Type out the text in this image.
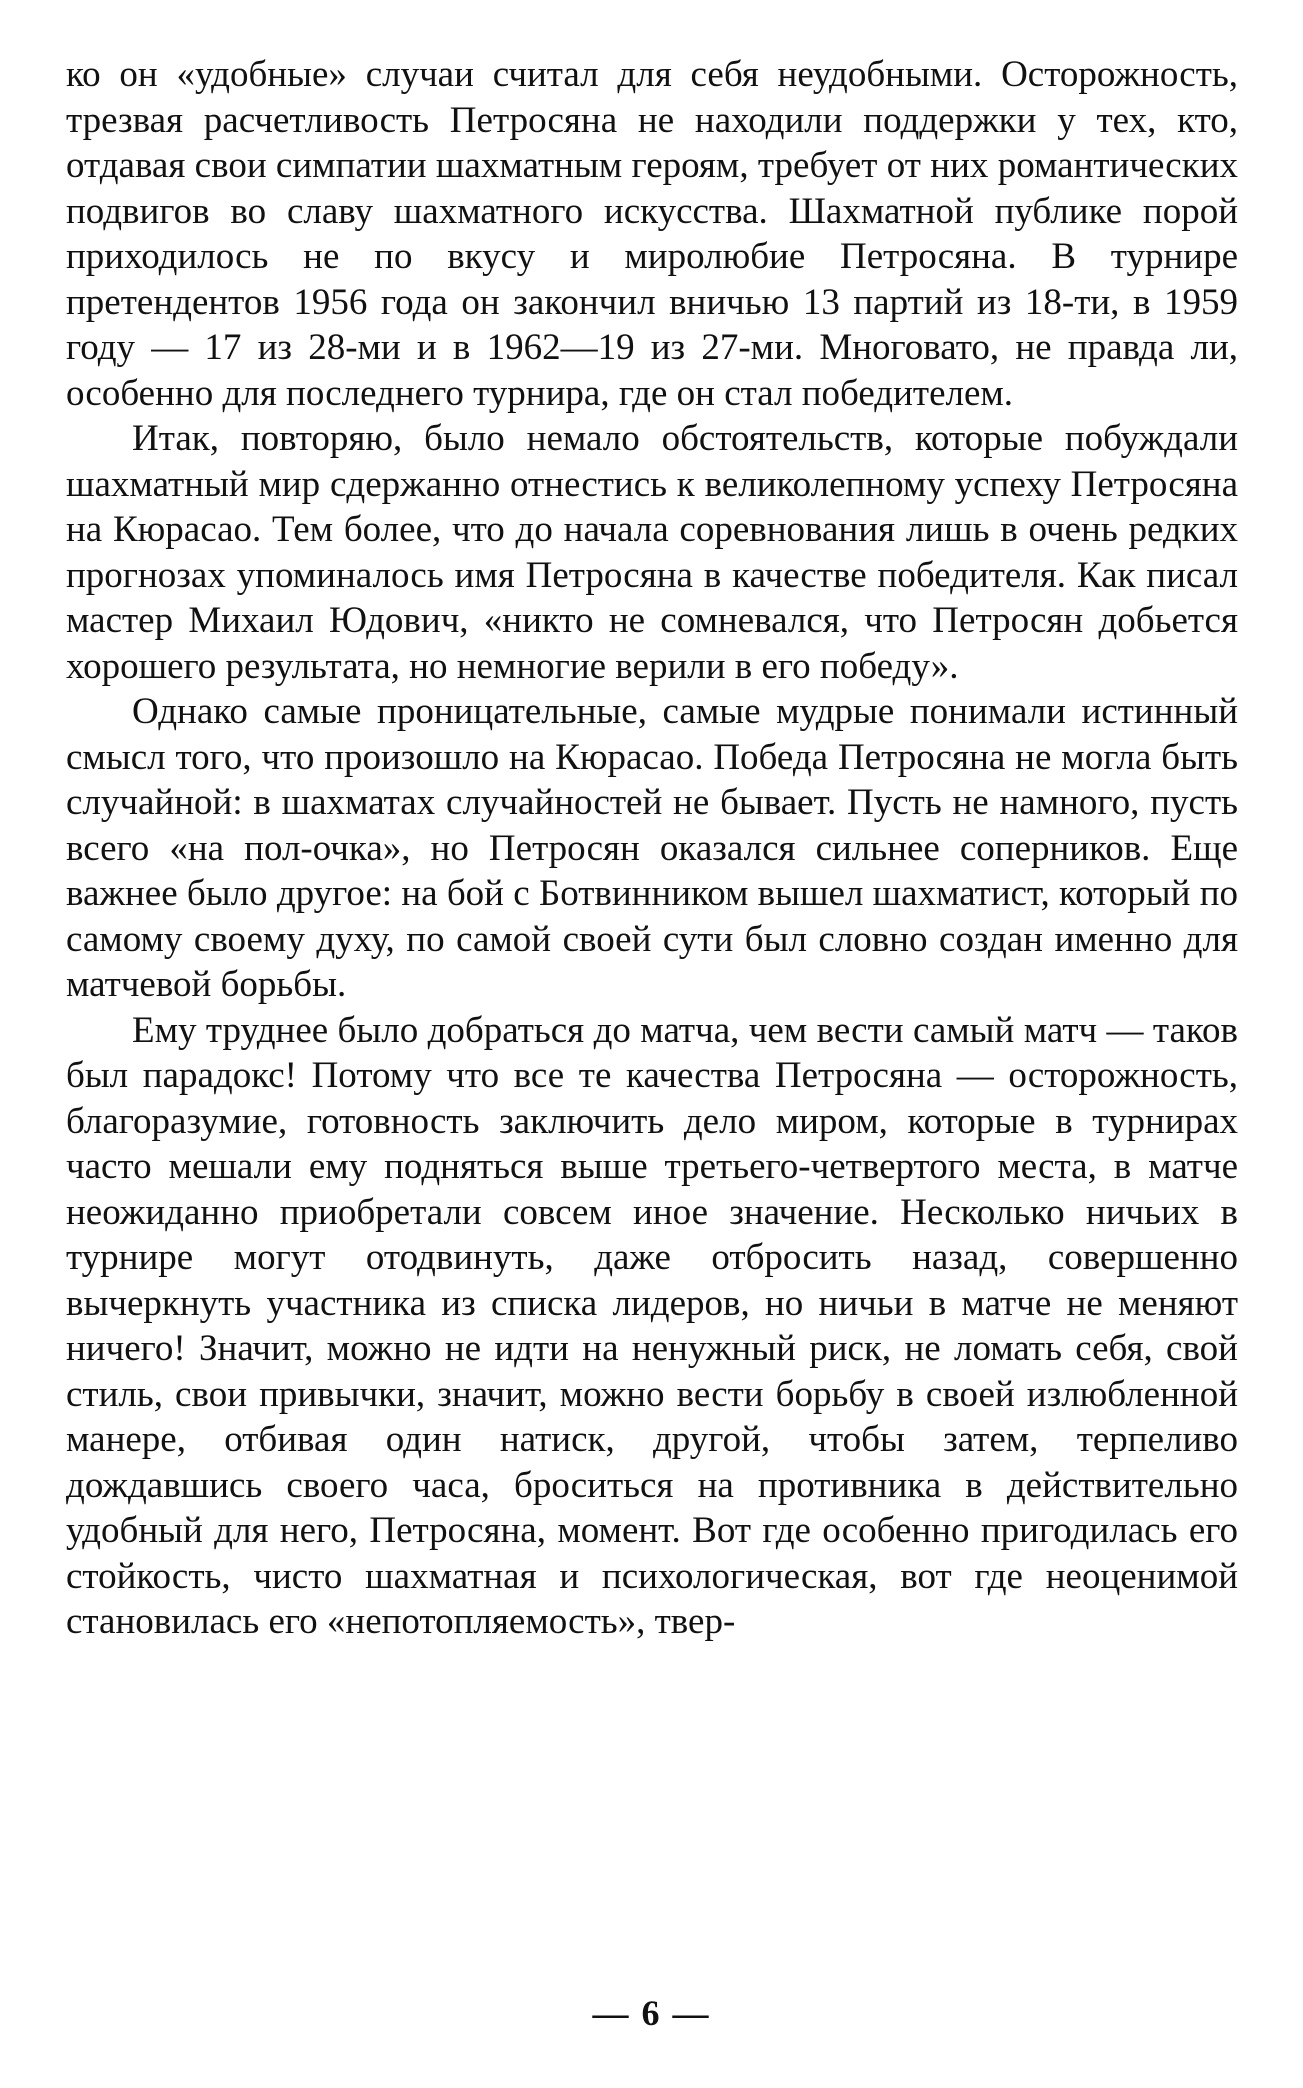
ко он «удобные» случаи считал для себя неудобными. Осторожность, трезвая расчетливость Петросяна не находили поддержки у тех, кто, отдавая свои симпатии шахматным героям, требует от них романтических подвигов во славу шахматного искусства. Шахматной публике порой приходилось не по вкусу и миролюбие Петросяна. В турнире претендентов 1956 года он закончил вничью 13 партий из 18-ти, в 1959 году — 17 из 28-ми и в 1962—19 из 27-ми. Многовато, не правда ли, особенно для последнего турнира, где он стал победителем.

Итак, повторяю, было немало обстоятельств, которые побуждали шахматный мир сдержанно отнестись к великолепному успеху Петросяна на Кюрасао. Тем более, что до начала соревнования лишь в очень редких прогнозах упоминалось имя Петросяна в качестве победителя. Как писал мастер Михаил Юдович, «никто не сомневался, что Петросян добьется хорошего результата, но немногие верили в его победу».

Однако самые проницательные, самые мудрые понимали истинный смысл того, что произошло на Кюрасао. Победа Петросяна не могла быть случайной: в шахматах случайностей не бывает. Пусть не намного, пусть всего «на пол-очка», но Петросян оказался сильнее соперников. Еще важнее было другое: на бой с Ботвинником вышел шахматист, который по самому своему духу, по самой своей сути был словно создан именно для матчевой борьбы.

Ему труднее было добраться до матча, чем вести самый матч — таков был парадокс! Потому что все те качества Петросяна — осторожность, благоразумие, готовность заключить дело миром, которые в турнирах часто мешали ему подняться выше третьего-четвертого места, в матче неожиданно приобретали совсем иное значение. Несколько ничьих в турнире могут отодвинуть, даже отбросить назад, совершенно вычеркнуть участника из списка лидеров, но ничьи в матче не меняют ничего! Значит, можно не идти на ненужный риск, не ломать себя, свой стиль, свои привычки, значит, можно вести борьбу в своей излюбленной манере, отбивая один натиск, другой, чтобы затем, терпеливо дождавшись своего часа, броситься на противника в действительно удобный для него, Петросяна, момент. Вот где особенно пригодилась его стойкость, чисто шахматная и психологическая, вот где неоценимой становилась его «непотопляемость», твер-

— 6 —
